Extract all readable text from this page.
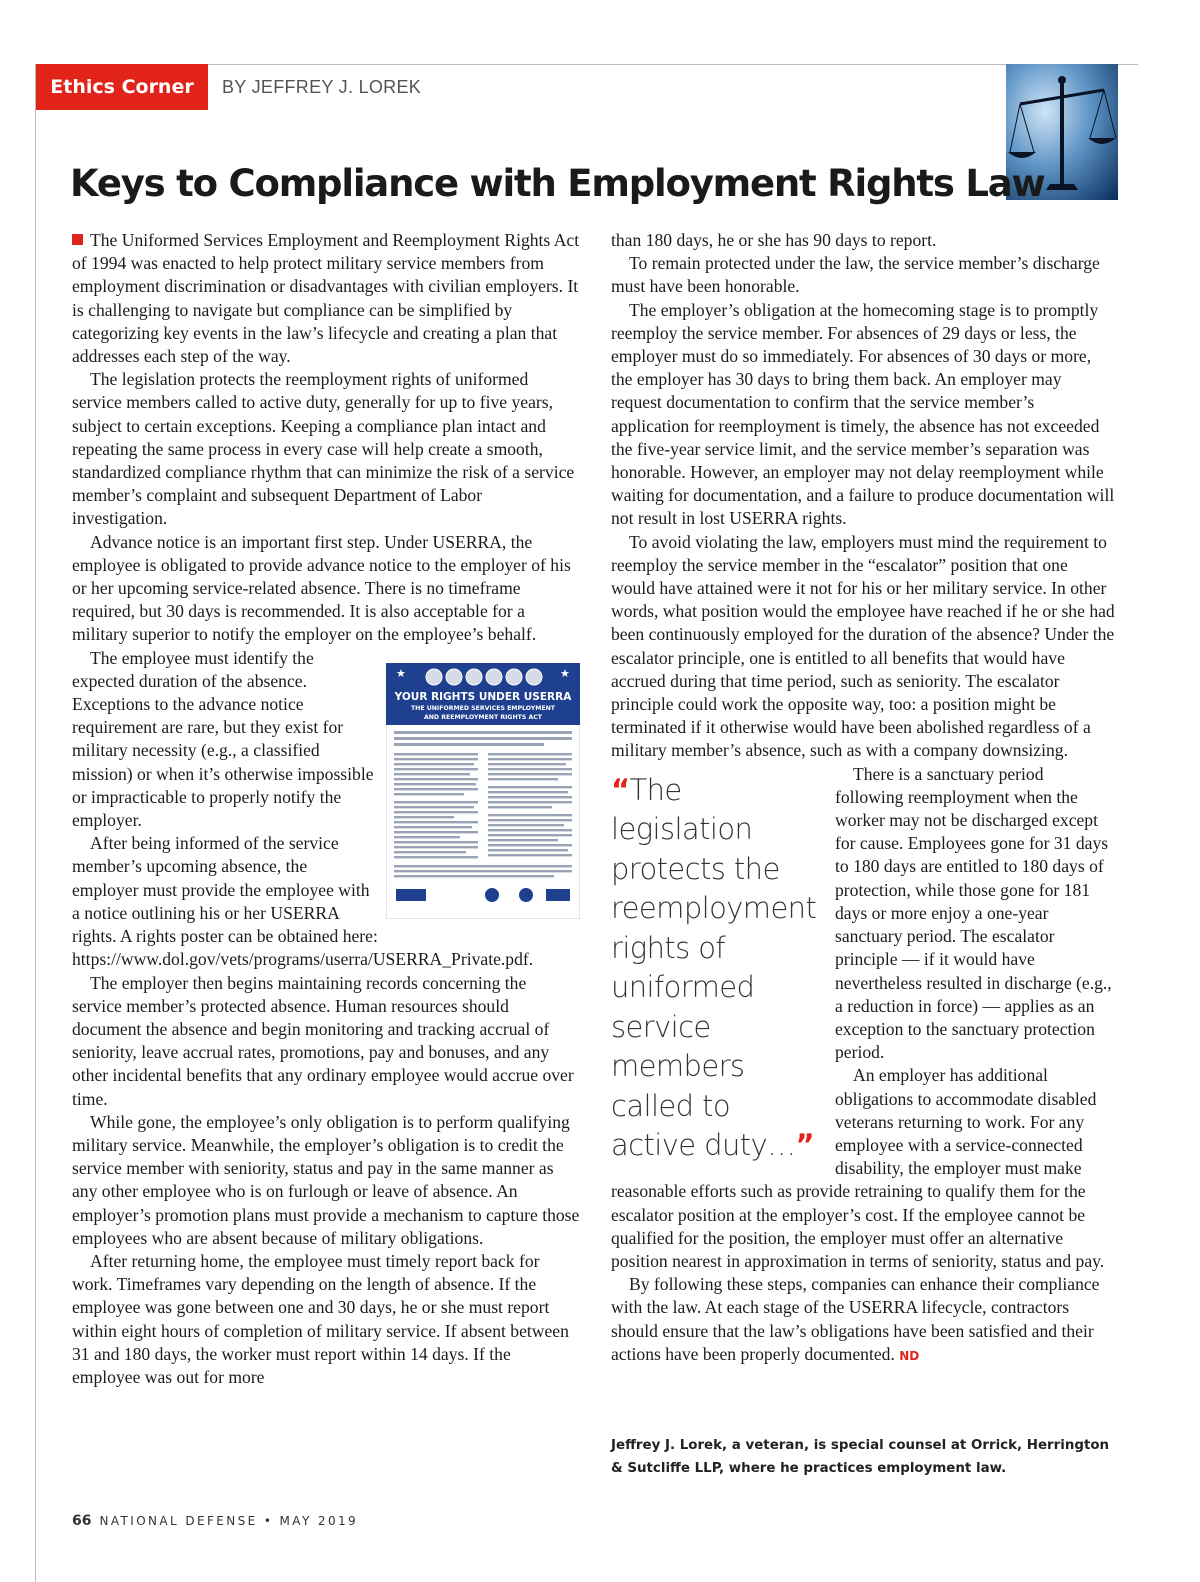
Ethics Corner	BY JEFFREY J. LOREK
Keys to Compliance with Employment Rights Law

The Uniformed Services Employment and Reemployment Rights Act of 1994 was enacted to help protect military service members from employment discrimination or disadvantages with civilian employers. It is challenging to navigate but compliance can be simplified by categorizing key events in the law’s lifecycle and creating a plan that addresses each step of the way.

The legislation protects the reemployment rights of uniformed service members called to active duty, generally for up to five years, subject to certain exceptions. Keeping a compliance plan intact and repeating the same process in every case will help create a smooth, standardized compliance rhythm that can minimize the risk of a service member’s complaint and subsequent Department of Labor investigation.

Advance notice is an important first step. Under USERRA, the employee is obligated to provide advance notice to the employer of his or her upcoming service-related absence. There is no timeframe required, but 30 days is recommended. It is also acceptable for a military superior to notify the employer on the employee’s behalf.

★	★
YOUR RIGHTS UNDER USERRA
THE UNIFORMED SERVICES EMPLOYMENT
AND REEMPLOYMENT RIGHTS ACT

The employee must identify the expected duration of the absence. Exceptions to the advance notice requirement are rare, but they exist for military necessity (e.g., a classified mission) or when it’s otherwise impossible or impracticable to properly notify the employer.

After being informed of the service member’s upcoming absence, the employer must provide the employee with a notice outlining his or her USERRA rights. A rights poster can be obtained here: https://www.dol.gov/vets/programs/userra/USERRA_Private.pdf.

The employer then begins maintaining records concerning the service member’s protected absence. Human resources should document the absence and begin monitoring and tracking accrual of seniority, leave accrual rates, promotions, pay and bonuses, and any other incidental benefits that any ordinary employee would accrue over time.

While gone, the employee’s only obligation is to perform qualifying military service. Meanwhile, the employer’s obligation is to credit the service member with seniority, status and pay in the same manner as any other employee who is on furlough or leave of absence. An employer’s promotion plans must provide a mechanism to capture those employees who are absent because of military obligations.

After returning home, the employee must timely report back for work. Timeframes vary depending on the length of absence. If the employee was gone between one and 30 days, he or she must report within eight hours of completion of military service. If absent between 31 and 180 days, the worker must report within 14 days. If the employee was out for more

than 180 days, he or she has 90 days to report.

To remain protected under the law, the service member’s discharge must have been honorable.

The employer’s obligation at the homecoming stage is to promptly reemploy the service member. For absences of 29 days or less, the employer must do so immediately. For absences of 30 days or more, the employer has 30 days to bring them back. An employer may request documentation to confirm that the service member’s application for reemployment is timely, the absence has not exceeded the five-year service limit, and the service member’s separation was honorable. However, an employer may not delay reemployment while waiting for documentation, and a failure to produce documentation will not result in lost USERRA rights.

To avoid violating the law, employers must mind the requirement to reemploy the service member in the “escalator” position that one would have attained were it not for his or her military service. In other words, what position would the employee have reached if he or she had been continuously employed for the duration of the absence? Under the escalator principle, one is entitled to all benefits that would have accrued during that time period, such as seniority. The escalator principle could work the opposite way, too: a position might be terminated if it otherwise would have been abolished regardless of a military member’s absence, such as with a company downsizing.

“The legislation protects the reemployment rights of uniformed service members called to active duty…”

There is a sanctuary period following reemployment when the worker may not be discharged except for cause. Employees gone for 31 days to 180 days are entitled to 180 days of protection, while those gone for 181 days or more enjoy a one-year sanctuary period. The escalator principle — if it would have nevertheless resulted in discharge (e.g., a reduction in force) — applies as an exception to the sanctuary protection period.

An employer has additional obligations to accommodate disabled veterans returning to work. For any employee with a service-connected disability, the employer must make reasonable efforts such as provide retraining to qualify them for the escalator position at the employer’s cost. If the employee cannot be qualified for the position, the employer must offer an alternative position nearest in approximation in terms of seniority, status and pay.

By following these steps, companies can enhance their compliance with the law. At each stage of the USERRA lifecycle, contractors should ensure that the law’s obligations have been satisfied and their actions have been properly documented. ND

Jeffrey J. Lorek, a veteran, is special counsel at Orrick, Herrington & Sutcliffe LLP, where he practices employment law.

66 NATIONAL DEFENSE • MAY 2019
